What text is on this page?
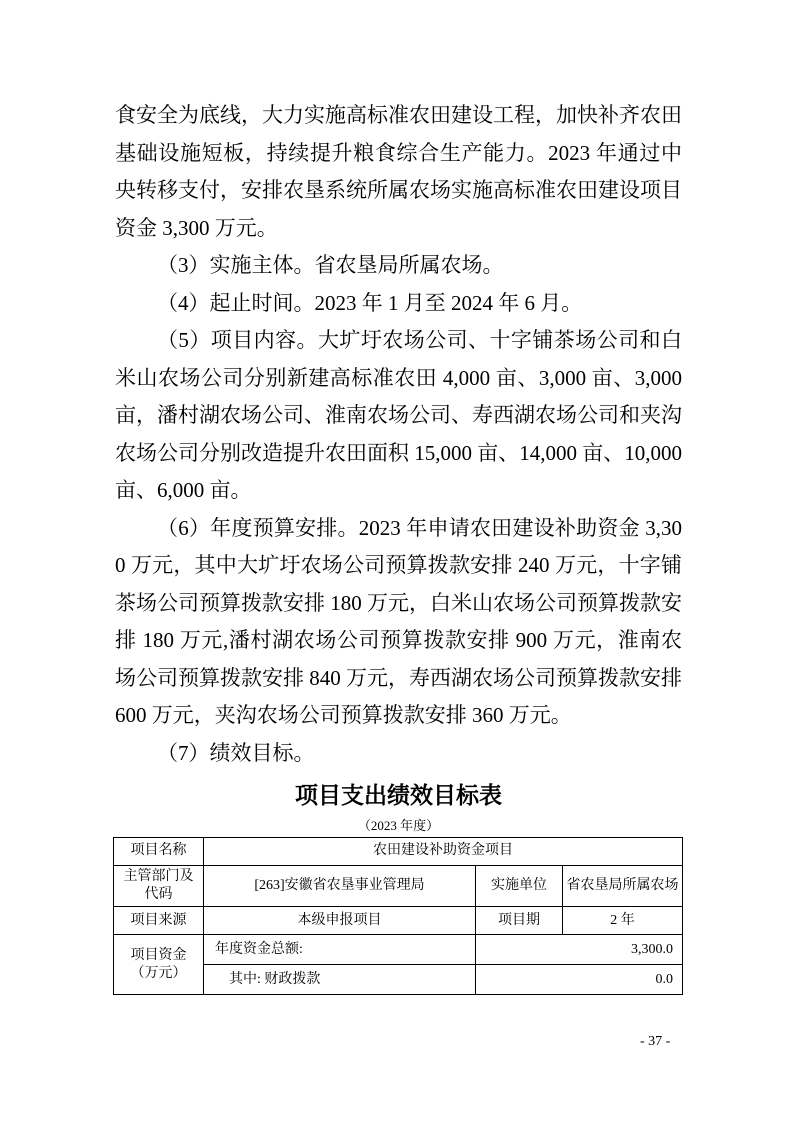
食安全为底线，大力实施高标准农田建设工程，加快补齐农田基础设施短板，持续提升粮食综合生产能力。2023 年通过中央转移支付，安排农垦系统所属农场实施高标准农田建设项目资金 3,300 万元。

（3）实施主体。省农垦局所属农场。

（4）起止时间。2023 年 1 月至 2024 年 6 月。

（5）项目内容。大圹圩农场公司、十字铺茶场公司和白米山农场公司分别新建高标准农田 4,000 亩、3,000 亩、3,000 亩，潘村湖农场公司、淮南农场公司、寿西湖农场公司和夹沟农场公司分别改造提升农田面积 15,000 亩、14,000 亩、10,000 亩、6,000 亩。

（6）年度预算安排。2023 年申请农田建设补助资金 3,300 万元，其中大圹圩农场公司预算拨款安排 240 万元，十字铺茶场公司预算拨款安排 180 万元，白米山农场公司预算拨款安排 180 万元,潘村湖农场公司预算拨款安排 900 万元，淮南农场公司预算拨款安排 840 万元，寿西湖农场公司预算拨款安排 600 万元，夹沟农场公司预算拨款安排 360 万元。

（7）绩效目标。

项目支出绩效目标表
（2023 年度）
项目名称	农田建设补助资金项目		
主管部门及
代码	[263]安徽省农垦事业管理局	实施单位	省农垦局所属农场
项目来源	本级申报项目	项目期	2 年
项目资金
（万元）	年度资金总额:	3,300.0	
	其中: 财政拨款	0.0	
- 37 -
